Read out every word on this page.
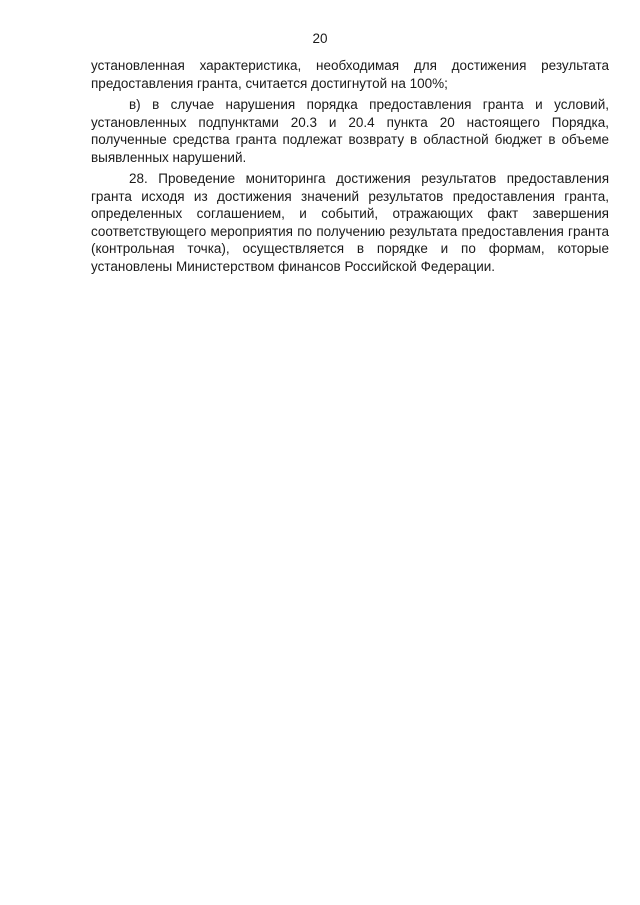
20

установленная характеристика, необходимая для достижения результата предоставления гранта, считается достигнутой на 100%;

в) в случае нарушения порядка предоставления гранта и условий, установленных подпунктами 20.3 и 20.4 пункта 20 настоящего Порядка, полученные средства гранта подлежат возврату в областной бюджет в объеме выявленных нарушений.

28. Проведение мониторинга достижения результатов предоставления гранта исходя из достижения значений результатов предоставления гранта, определенных соглашением, и событий, отражающих факт завершения соответствующего мероприятия по получению результата предоставления гранта (контрольная точка), осуществляется в порядке и по формам, которые установлены Министерством финансов Российской Федерации.
